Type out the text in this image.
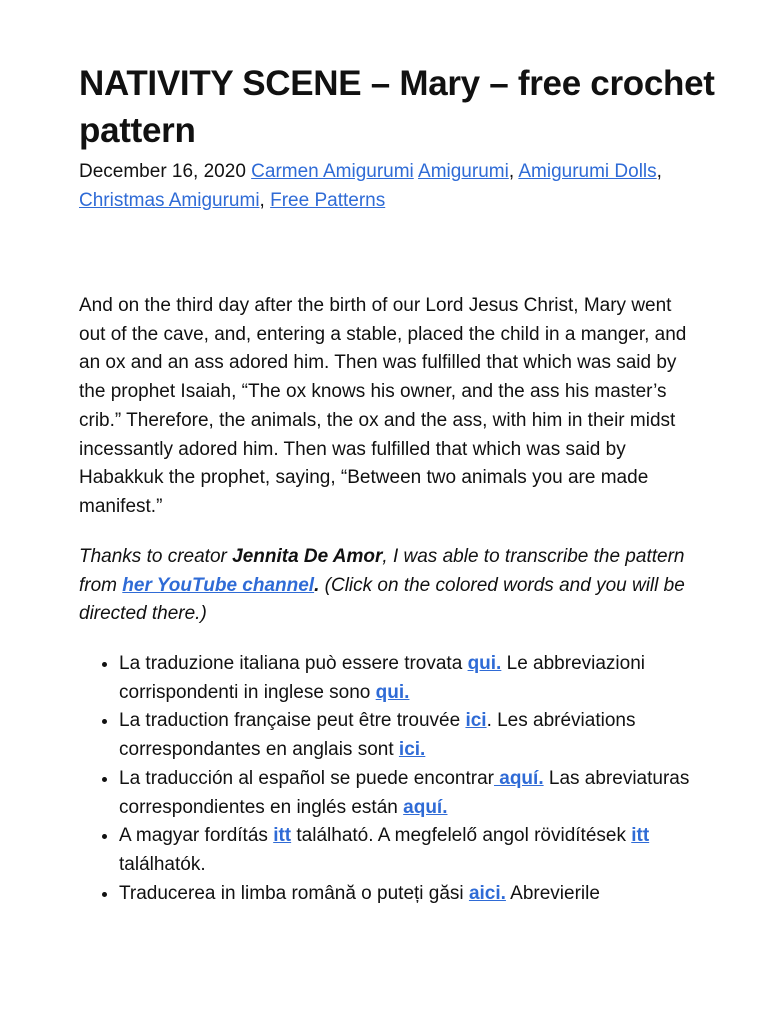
NATIVITY SCENE – Mary – free crochet pattern
December 16, 2020 Carmen Amigurumi Amigurumi, Amigurumi Dolls, Christmas Amigurumi, Free Patterns

And on the third day after the birth of our Lord Jesus Christ, Mary went out of the cave, and, entering a stable, placed the child in a manger, and an ox and an ass adored him. Then was fulfilled that which was said by the prophet Isaiah, “The ox knows his owner, and the ass his master’s crib.” Therefore, the animals, the ox and the ass, with him in their midst incessantly adored him. Then was fulfilled that which was said by Habakkuk the prophet, saying, “Between two animals you are made manifest.”

Thanks to creator Jennita De Amor, I was able to transcribe the pattern from her YouTube channel. (Click on the colored words and you will be directed there.)

• La traduzione italiana può essere trovata qui. Le abbreviazioni corrispondenti in inglese sono qui.
• La traduction française peut être trouvée ici. Les abréviations correspondantes en anglais sont ici.
• La traducción al español se puede encontrar aquí. Las abreviaturas correspondientes en inglés están aquí.
• A magyar fordítás itt található. A megfelelő angol rövidítések itt találhatók.
• Traducerea in limba română o puteți găsi aici. Abrevierile
